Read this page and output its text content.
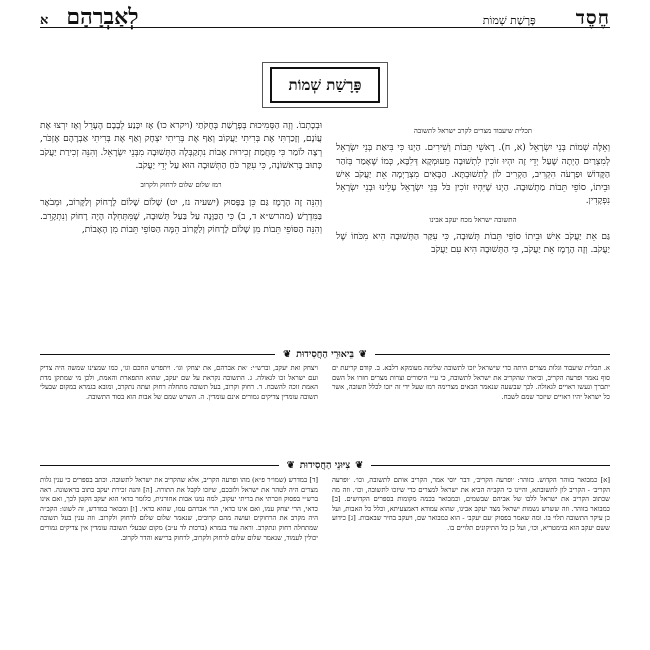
חֶסֶד
פָּרָשַׁת שְׁמוֹת
לְאַבְרָהָם
א
פָּרָשַׁת שְׁמוֹת
תכלית שיעבוד מצרים לקרב ישראל לתשובה

וְאֵלֶּה שְׁמוֹת בְּנֵי יִשְׂרָאֵל (א, ח). רָאשֵׁי תֵּבוֹת וְשִׁירִים. הַיְנוּ כִּי בִּיאַת בְּנֵי יִשְׂרָאֵל לְמִצְרַיִם הָיְתָה שֶׁעַל יְדֵי זֶה יִהְיוּ זוֹכִין לִתְשׁוּבָה מֵעוּמְקָא דְּלִבָּא, כְּמוֹ שֶׁאָמַר בְּזֹהַר הַקָּדוֹשׁ וּפַרְעֹה הִקְרִיב, הַקְרִיב לוֹן לְתִשׁוּבְתָּא. הַבָּאִים מִצְרַיְמָה אֵת יַעֲקֹב אִישׁ וּבֵיתוֹ, סוֹפֵי תֵּבוֹת מַתְשׁוּבָה. הַיְנוּ שֶׁיִּהְיוּ זוֹכִין כֹּל בְּנֵי יִשְׂרָאֵל עָלֵינוּ וּבְנֵי יִשְׂרָאֵל נִפְקָדִין.

התשובה ישראל מכח יעקב אבינו

גַּם אֵת יַעֲקֹב אִישׁ וּבֵיתוֹ סוֹפֵי תֵּבוֹת תְּשׁוּבָה, כִּי עִקַּר הַתְּשׁוּבָה הִיא מִכֹּחוֹ שֶׁל יַעֲקֹב. וְזֶה הָרֶמֶז אֵת יַעֲקֹב, כִּי הַתְּשׁוּבָה הִיא עִם יַעֲקֹב

וּבְכָתְבוֹ. וְזֶה הַסְּמִיכוּת בְּפָרָשַׁת בְּחֻקֹּתַי (ויקרא כו) אָז יִכָּנַע לְבָבָם הֶעָרֵל וְאָז יִרְצוּ אֶת עֲוֹנָם, וְזָכַרְתִּי אֶת בְּרִיתִי יַעֲקוֹב וְאַף אֶת בְּרִיתִי יִצְחָק וְאַף אֶת בְּרִיתִי אַבְרָהָם אֶזְכֹּר, רְצָה לוֹמַר כִּי מֵחֲמַת זְכִירוּת אָבוֹת נִתְקַבְּלָה הַתְּשׁוּבָה מִבְּנֵי יִשְׂרָאֵל. וְהִנֵּה זְכִירַת יַעֲקֹב כָּתוּב בָּרִאשׁוֹנָה, כִּי עִקַּר כֹּחַ הַתְּשׁוּבָה הוּא עַל יְדֵי יַעֲקֹב.

רמז שלום שלום לרחוק ולקרוב

וְהִנֵּה זֶה הָרֶמֶז גַּם כֵּן בַּפָּסוּק (ישעיה נז, יט) שָׁלוֹם שָׁלוֹם לָרָחוֹק וְלַקָּרוֹב, וּמְבֹאָר בַּמִּדְרָשׁ (מהרש״א ד, ב) כִּי הַכַּוָּנָה עַל בַּעַל תְּשׁוּבָה, שֶׁמִּתְּחִלָּה הָיָה רָחוֹק וְנִתְקָרֵב. וְהִנֵּה הַסּוֹפֵי תֵּבוֹת מִן שָׁלוֹם לָרָחוֹק וְלַקָּרוֹב הֵמָּה הַסּוֹפֵי תֵּבוֹת מִן הָאָבוֹת,

❦
בֵּיאוּרֵי הַחֲסִידוּת
❦

א. תכלית שיעבוד וגלות מצרים היתה כדי שישראל יזכו לתשובה שלימה מעומקא דלבא. ב. קודם קריעת ים סוף נאמר ופרעה הקריב, וביארו שהקריב את ישראל לתשובה, כי ע״י היסורים וצרות מצרים חזרו אל השם יתברך ונעשו ראויים לגאולה. לכך שבשעה שנאמר הבאים מצרימה רמז שעל ידי זה יזכו לכלל תשובה, אשר כל ישראל יהיו ראויים שיזכר שמם לשבח.

ויצחק ואת יעקב, וברש״י: ׳את אברהם, את יצחק׳ וגו׳. ויתפרש החכם וגו׳, כמו שמצינו שמשה היה צדיק ועם ישראל זכו לגאולה. ג. התשובה נקראת על שם יעקב, שהוא התפארת והאמת, ולכן מי שמתקן מדת האמת זוכה להשבח. ד. רחוק וקרוב, בעל תשובה מתחלה רחוק ועתה נתקרב, ומובא בגמרא במקום שבעלי תשובה עומדין צדיקים גמורים אינם עומדין. ה. השרש שמם של אבות הוא בסוד התשובה.

❦
צִיּוּנֵי הַחֲסִידוּת
❦

[א] כמבואר בזוהר הקדוש. בזוהר: ׳ופרעה הקריב׳, דבר יוסי אמר, הקריב אותם לתשובה, וכו׳. ׳ופרעה הקריב׳ - הקריב לון לתשובתא, והיינו כי הקב״ה הביא את ישראל למצרים כדי שיזכו לתשובה, וכו׳. וזה מה שכתוב הקריב את ישראל ללבו של אביהם שבשמים, וכמבואר בכמה מקומות בספרים הקדושים. [ב] כמבואר בזוהר. וזה ששרש נשמות ישראל מצד יעקב אבינו, שהוא עמודא דאמצעיתא, וכלל כל האבות, ועל כן עיקר התשובה תלוי בו. ומה שאמר בפסוק ׳עם יעקב׳ - הוא כמבואר שם, ויעקב בחיר שבאבות. [ג] כידוע ששם יעקב הוא בגימטריא, וכו׳, ועל כן כל התיקונים תלויים בו.

[ד] במדרש (שמו״ר פ״א) מהו ופרעה הקריב, אלא שהקריב את ישראל לתשובה. וכתב בספרים כי ענין גלות מצרים היה לטהר את ישראל ולזככם, שיזכו לקבל את התורה. [ה] והנה זכירת יעקב כתוב בראשונה. ראה ברש״י בפסוק וזכרתי את בריתי יעקוב, למה נמנו אבות אחורנית, כלומר כדאי הוא יעקב הקטן לכך, ואם אינו כדאי, הרי יצחק עמו, ואם אינו כדאי, הרי אברהם עמו, שהוא כדאי. [ו] ומבואר במדרש, זה לשונו: הקב״ה היה מקרב את הרחוקים ועושה מהם קרובים, שנאמר שלום שלום לרחוק ולקרוב. וזה ענין בעל תשובה שמתחלה רחוק ונתקרב. וראה עוד בגמרא (ברכות לד ע״ב) מקום שבעלי תשובה עומדין אין צדיקים גמורים יכולין לעמוד, שנאמר שלום שלום לרחוק ולקרוב, לרחוק ברישא והדר לקרוב.
